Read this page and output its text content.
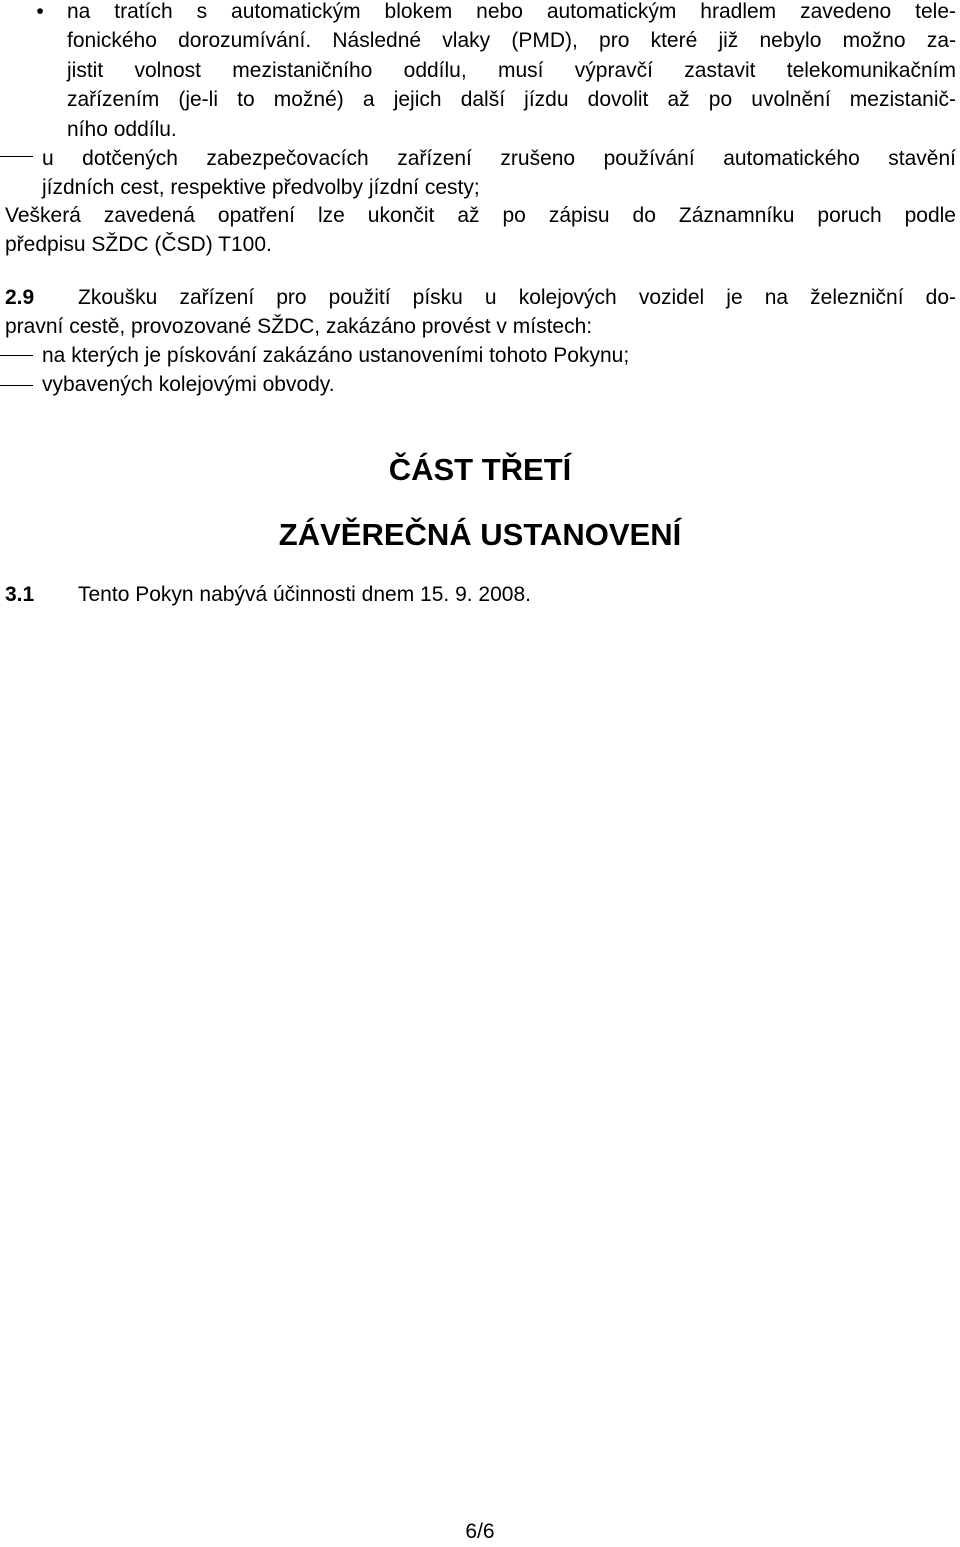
• na tratích s automatickým blokem nebo automatickým hradlem zavedeno tele-
fonického dorozumívání. Následné vlaky (PMD), pro které již nebylo možno za-
jistit volnost mezistaničního oddílu, musí výpravčí zastavit telekomunikačním
zařízením (je-li to možné) a jejich další jízdu dovolit až po uvolnění mezistanič-
ního oddílu.
u dotčených zabezpečovacích zařízení zrušeno používání automatického stavění
jízdních cest, respektive předvolby jízdní cesty;
Veškerá zavedená opatření lze ukončit až po zápisu do Záznamníku poruch podle
předpisu SŽDC (ČSD) T100.
2.9 Zkoušku zařízení pro použití písku u kolejových vozidel je na železniční do-
pravní cestě, provozované SŽDC, zakázáno provést v místech:
na kterých je pískování zakázáno ustanoveními tohoto Pokynu;
vybavených kolejovými obvody.
ČÁST TŘETÍ
ZÁVĚREČNÁ USTANOVENÍ
3.1 Tento Pokyn nabývá účinnosti dnem 15. 9. 2008.
6/6
